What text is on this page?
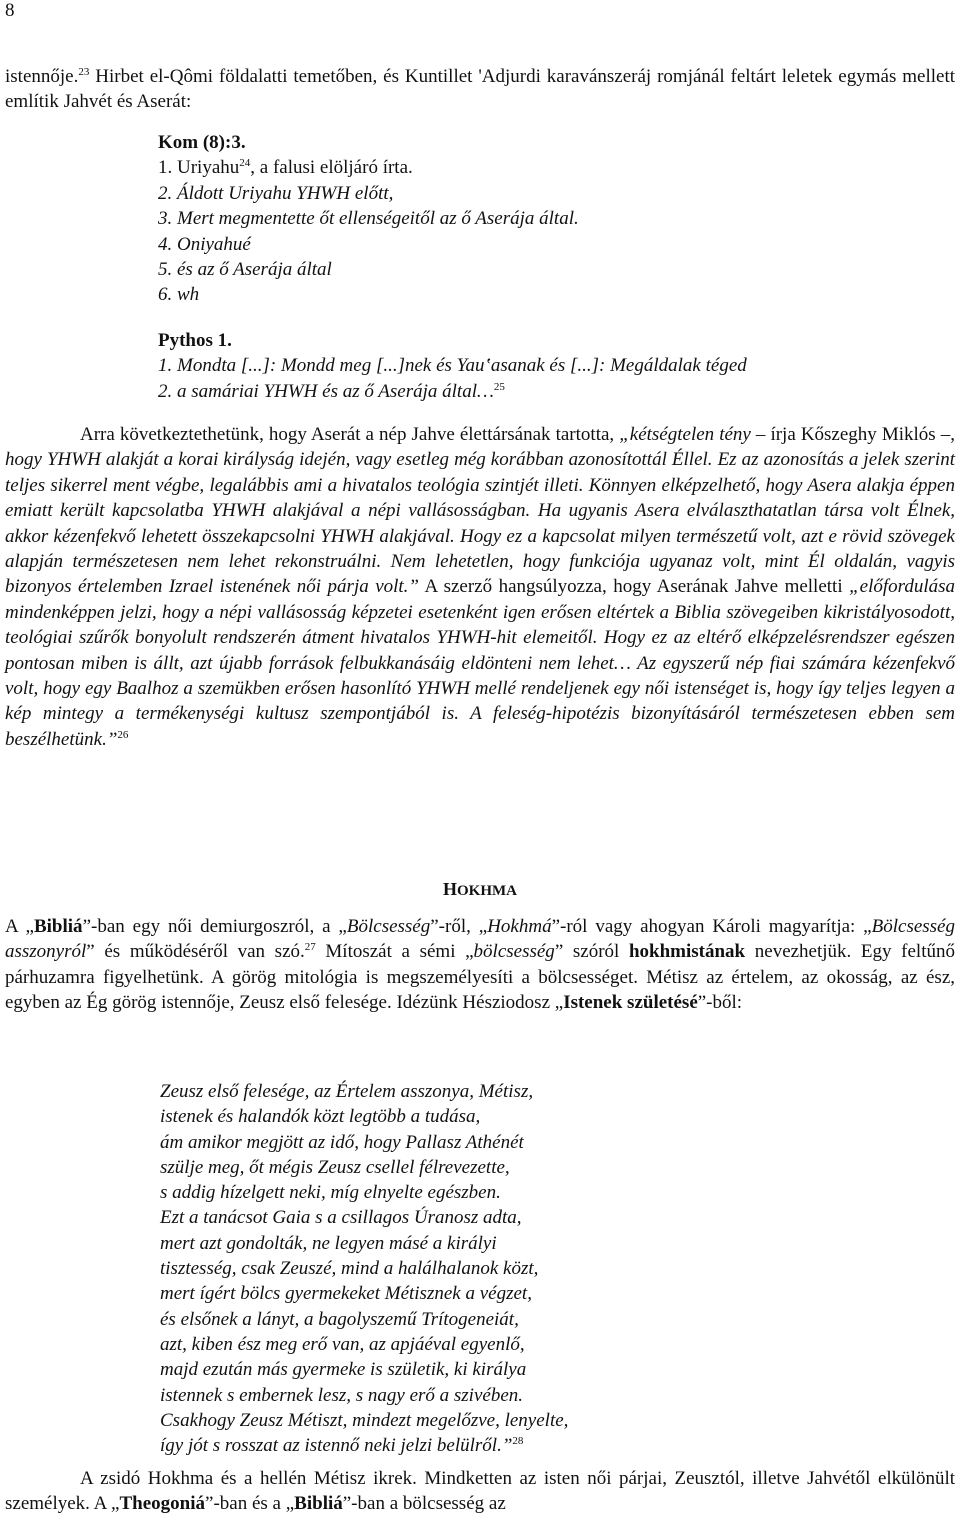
8
istennője.$^{23}$ Hirbet el-Qômi földalatti temetőben, és Kuntillet 'Adjurdi karavánszeráj romjánál feltárt leletek egymás mellett említik Jahvét és Aserát:
Kom (8):3.
1. Uriyahu$^{24}$, a falusi elöljáró írta.
2. Áldott Uriyahu YHWH előtt,
3. Mert megmentette őt ellenségeitől az ő Aserája által.
4. Oniyahué
5. és az ő Aserája által
6. wh
Pythos 1.
1. Mondta [...]: Mondd meg [...]nek és Yau‛asanak és [...]: Megáldalak téged
2. a samáriai YHWH és az ő Aserája által…$^{25}$
Arra következtethetünk, hogy Aserát a nép Jahve élettársának tartotta, „kétségtelen tény – írja Kőszeghy Miklós –, hogy YHWH alakját a korai királyság idején, vagy esetleg még korábban azonosítottál Éllel. Ez az azonosítás a jelek szerint teljes sikerrel ment végbe, legalábbis ami a hivatalos teológia szintjét illeti. Könnyen elképzelhető, hogy Asera alakja éppen emiatt került kapcsolatba YHWH alakjával a népi vallásosságban. Ha ugyanis Asera elválaszthatatlan társa volt Élnek, akkor kézenfekvő lehetett összekapcsolni YHWH alakjával. Hogy ez a kapcsolat milyen természetű volt, azt e rövid szövegek alapján természetesen nem lehet rekonstruálni. Nem lehetetlen, hogy funkciója ugyanaz volt, mint Él oldalán, vagyis bizonyos értelemben Izrael istenének női párja volt.” A szerző hangsúlyozza, hogy Aserának Jahve melletti „előfordulása mindenképpen jelzi, hogy a népi vallásosság képzetei esetenként igen erősen eltértek a Biblia szövegeiben kikristályosodott, teológiai szűrők bonyolult rendszerén átment hivatalos YHWH-hit elemeitől. Hogy ez az eltérő elképzelésrendszer egészen pontosan miben is állt, azt újabb források felbukkanásáig eldönteni nem lehet… Az egyszerű nép fiai számára kézenfekvő volt, hogy egy Baalhoz a szemükben erősen hasonlító YHWH mellé rendeljenek egy női istenséget is, hogy így teljes legyen a kép mintegy a termékenységi kultusz szempontjából is. A feleség-hipotézis bizonyításáról természetesen ebben sem beszélhetünk.”$^{26}$
HOKHMA
A „Bibliá”-ban egy női demiurgoszról, a „Bölcsesség”-ről, „Hokhmá”-ról vagy ahogyan Károli magyarítja: „Bölcsesség asszonyról” és működéséről van szó.$^{27}$ Mítoszát a sémi „bölcsesség” szóról hokhmistának nevezhetjük. Egy feltűnő párhuzamra figyelhetünk. A görög mitológia is megszemélyesíti a bölcsességet. Métisz az értelem, az okosság, az ész, egyben az Ég görög istennője, Zeusz első felesége. Idézünk Hésziodosz „Istenek születésé”-ből:
Zeusz első felesége, az Értelem asszonya, Métisz,
istenek és halandók közt legtöbb a tudása,
ám amikor megjött az idő, hogy Pallasz Athénét
szülje meg, őt mégis Zeusz csellel félrevezette,
s addig hízelgett neki, míg elnyelte egészben.
Ezt a tanácsot Gaia s a csillagos Úranosz adta,
mert azt gondolták, ne legyen másé a királyi
tisztesség, csak Zeuszé, mind a halálhalanok közt,
mert ígért bölcs gyermekeket Métisznek a végzet,
és elsőnek a lányt, a bagolyszemű Trítogeneiát,
azt, kiben ész meg erő van, az apjáéval egyenlő,
majd ezután más gyermeke is születik, ki királya
istennek s embernek lesz, s nagy erő a szivében.
Csakhogy Zeusz Métiszt, mindezt megelőzve, lenyelte,
így jót s rosszat az istennő neki jelzi belülről.”$^{28}$
A zsidó Hokhma és a hellén Métisz ikrek. Mindketten az isten női párjai, Zeusztól, illetve Jahvétől elkülönült személyek. A „Theogoniá”-ban és a „Bibliá”-ban a bölcsesség az
